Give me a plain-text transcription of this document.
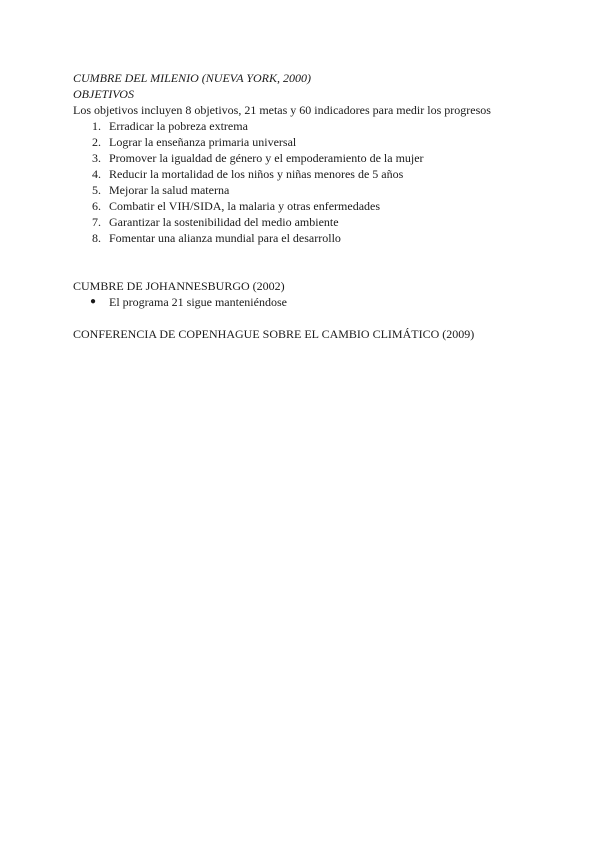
CUMBRE DEL MILENIO (NUEVA YORK, 2000)
OBJETIVOS
Los objetivos incluyen 8 objetivos, 21 metas y 60 indicadores para medir los progresos
1. Erradicar la pobreza extrema
2. Lograr la enseñanza primaria universal
3. Promover la igualdad de género y el empoderamiento de la mujer
4. Reducir la mortalidad de los niños y niñas menores de 5 años
5. Mejorar la salud materna
6. Combatir el VIH/SIDA, la malaria y otras enfermedades
7. Garantizar la sostenibilidad del medio ambiente
8. Fomentar una alianza mundial para el desarrollo
CUMBRE DE JOHANNESBURGO (2002)
● El programa 21 sigue manteniéndose
CONFERENCIA DE COPENHAGUE SOBRE EL CAMBIO CLIMÁTICO (2009)
